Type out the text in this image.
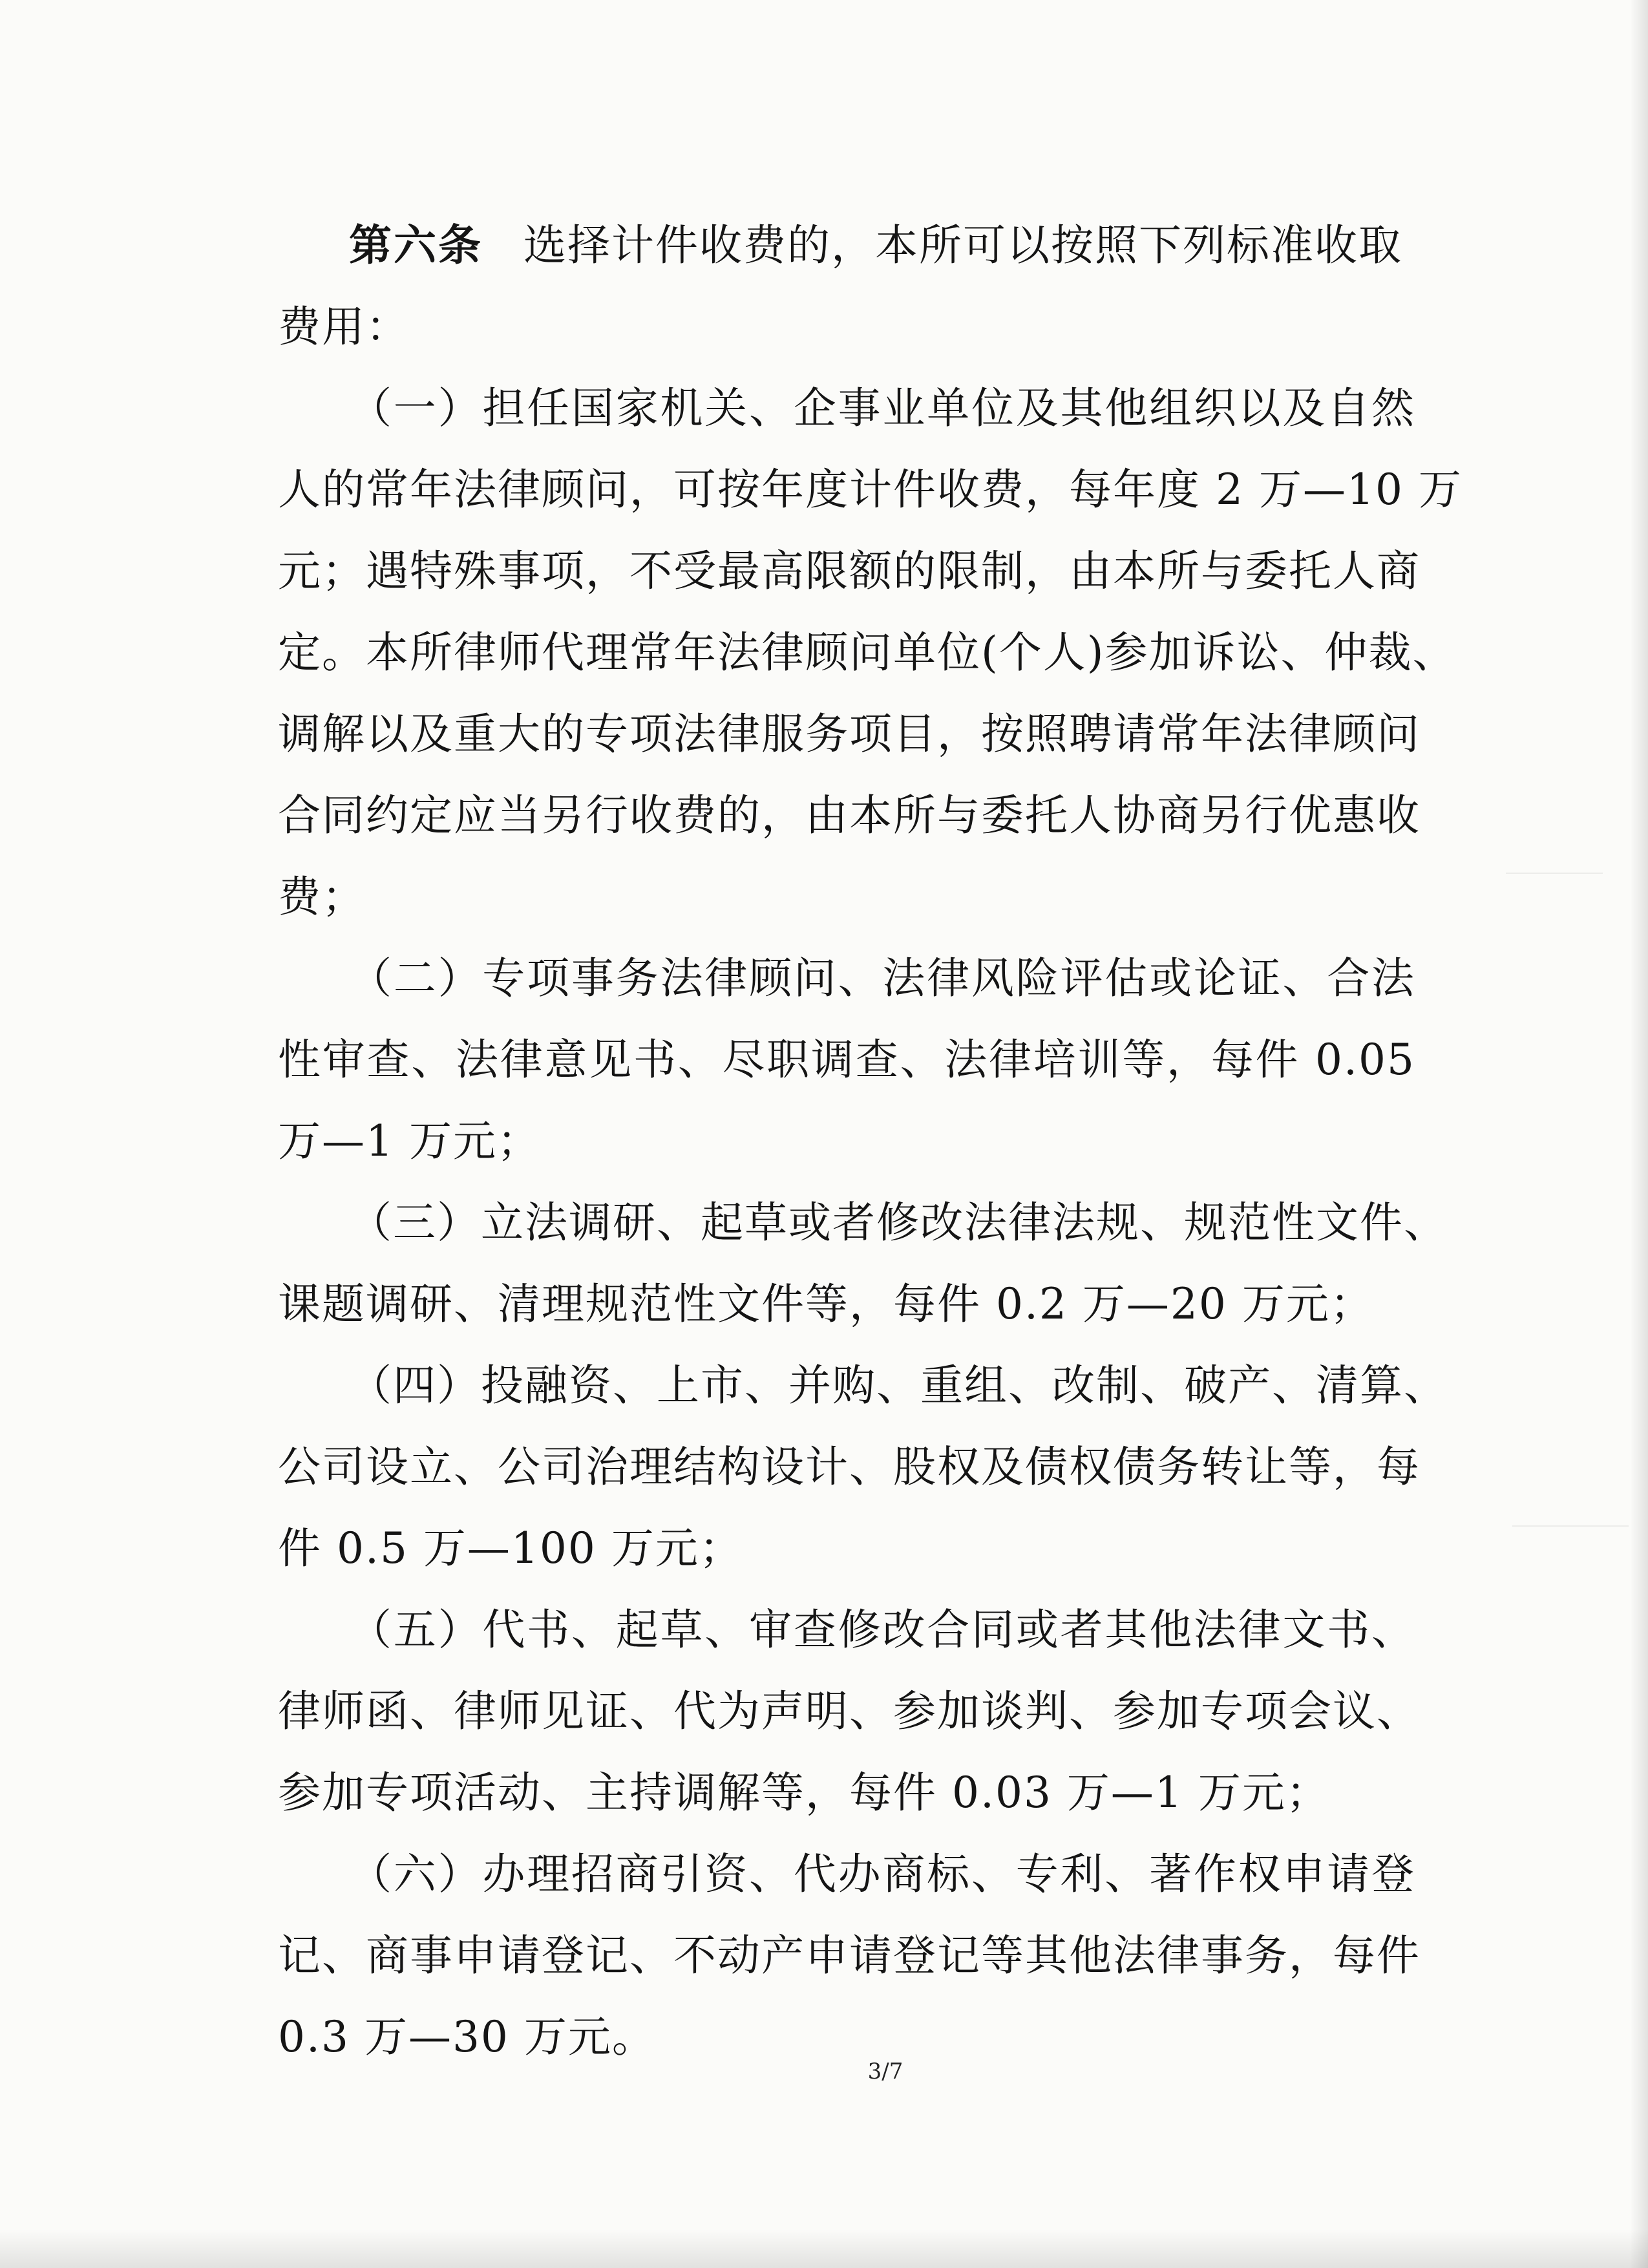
第六条 选择计件收费的，本所可以按照下列标准收取
费用：
（一）担任国家机关、企事业单位及其他组织以及自然
人的常年法律顾问，可按年度计件收费，每年度 2 万—10 万
元；遇特殊事项，不受最高限额的限制，由本所与委托人商
定。本所律师代理常年法律顾问单位(个人)参加诉讼、仲裁、
调解以及重大的专项法律服务项目，按照聘请常年法律顾问
合同约定应当另行收费的，由本所与委托人协商另行优惠收
费；
（二）专项事务法律顾问、法律风险评估或论证、合法
性审查、法律意见书、尽职调查、法律培训等，每件 0.05
万—1 万元；
（三）立法调研、起草或者修改法律法规、规范性文件、
课题调研、清理规范性文件等，每件 0.2 万—20 万元；
（四）投融资、上市、并购、重组、改制、破产、清算、
公司设立、公司治理结构设计、股权及债权债务转让等，每
件 0.5 万—100 万元；
（五）代书、起草、审查修改合同或者其他法律文书、
律师函、律师见证、代为声明、参加谈判、参加专项会议、
参加专项活动、主持调解等，每件 0.03 万—1 万元；
（六）办理招商引资、代办商标、专利、著作权申请登
记、商事申请登记、不动产申请登记等其他法律事务，每件
0.3 万—30 万元。
3/7
